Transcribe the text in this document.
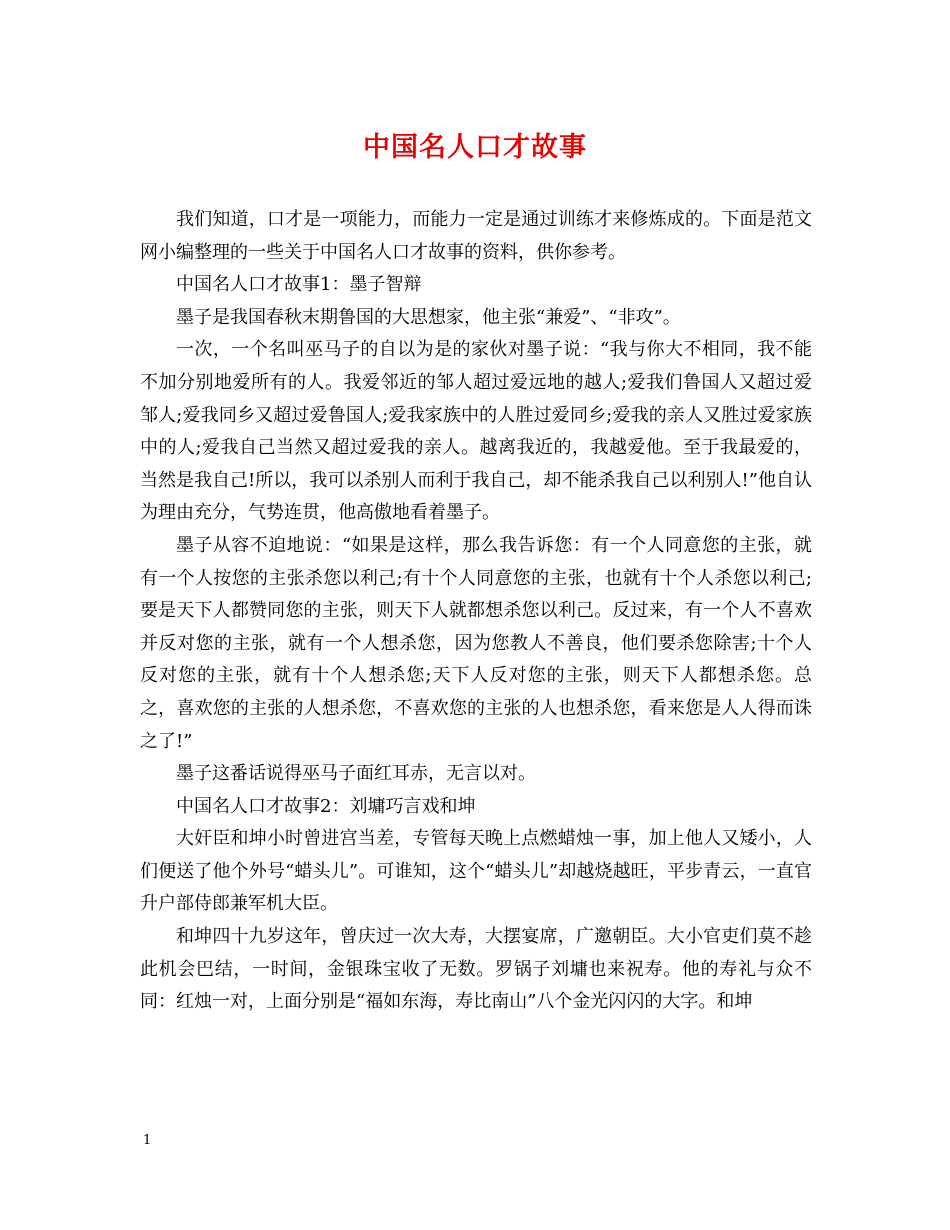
中国名人口才故事

我们知道，口才是一项能力，而能力一定是通过训练才来修炼成的。下面是范文网小编整理的一些关于中国名人口才故事的资料，供你参考。

中国名人口才故事1：墨子智辩

墨子是我国春秋末期鲁国的大思想家，他主张“兼爱”、“非攻”。

一次，一个名叫巫马子的自以为是的家伙对墨子说：“我与你大不相同，我不能不加分别地爱所有的人。我爱邻近的邹人超过爱远地的越人;爱我们鲁国人又超过爱邹人;爱我同乡又超过爱鲁国人;爱我家族中的人胜过爱同乡;爱我的亲人又胜过爱家族中的人;爱我自己当然又超过爱我的亲人。越离我近的，我越爱他。至于我最爱的，当然是我自己!所以，我可以杀别人而利于我自己，却不能杀我自己以利别人!”他自认为理由充分，气势连贯，他高傲地看着墨子。

墨子从容不迫地说：“如果是这样，那么我告诉您：有一个人同意您的主张，就有一个人按您的主张杀您以利己;有十个人同意您的主张，也就有十个人杀您以利己;要是天下人都赞同您的主张，则天下人就都想杀您以利己。反过来，有一个人不喜欢并反对您的主张，就有一个人想杀您，因为您教人不善良，他们要杀您除害;十个人反对您的主张，就有十个人想杀您;天下人反对您的主张，则天下人都想杀您。总之，喜欢您的主张的人想杀您，不喜欢您的主张的人也想杀您，看来您是人人得而诛之了!”

墨子这番话说得巫马子面红耳赤，无言以对。

中国名人口才故事2：刘墉巧言戏和坤

大奸臣和坤小时曾进宫当差，专管每天晚上点燃蜡烛一事，加上他人又矮小，人们便送了他个外号“蜡头儿”。可谁知，这个“蜡头儿”却越烧越旺，平步青云，一直官升户部侍郎兼军机大臣。

和坤四十九岁这年，曾庆过一次大寿，大摆宴席，广邀朝臣。大小官吏们莫不趁此机会巴结，一时间，金银珠宝收了无数。罗锅子刘墉也来祝寿。他的寿礼与众不同：红烛一对，上面分别是“福如东海，寿比南山”八个金光闪闪的大字。和坤

1
